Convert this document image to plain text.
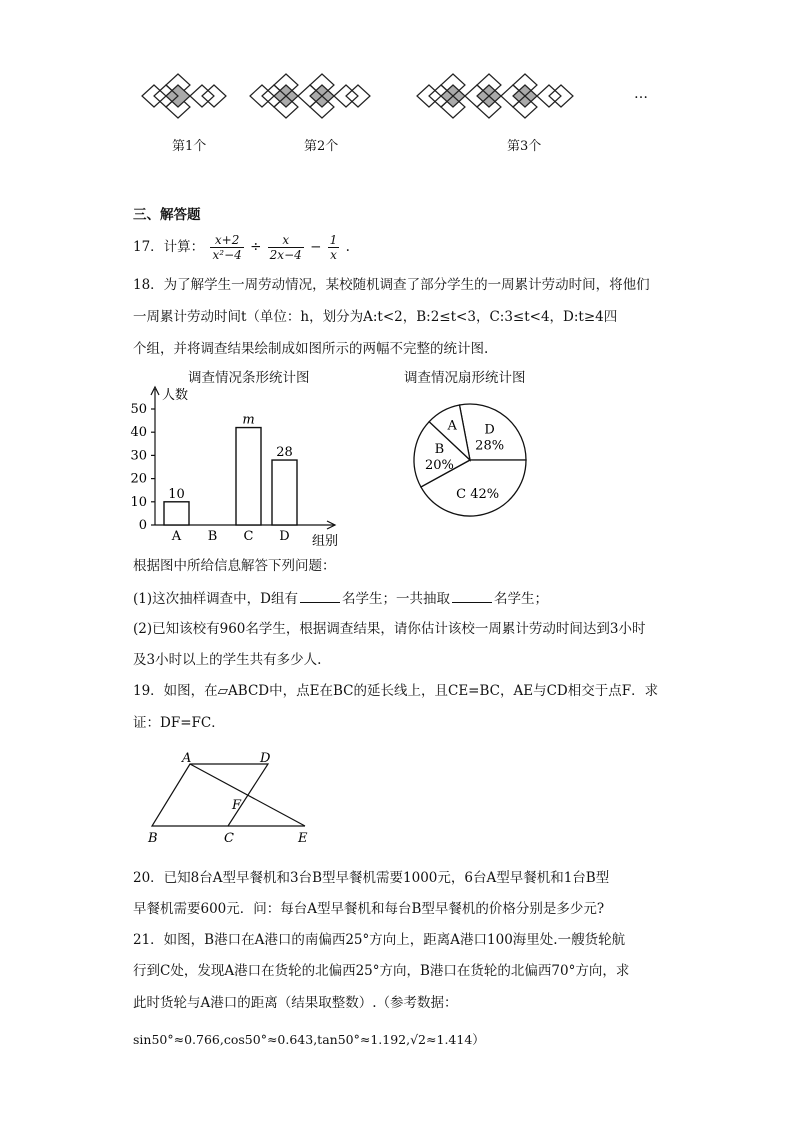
…
第1个	第2个	第3个
三、解答题
17．计算： $\frac{x+2}{\text{x²−4}} \div \frac{x}{2x-4} - \frac{1}{x}$ .
18．为了解学生一周劳动情况，某校随机调查了部分学生的一周累计劳动时间，将他们
一周累计劳动时间t（单位：h，划分为A:t<2，B:2≤t<3，C:3≤t<4，D:t≥4四
个组，并将调查结果绘制成如图所示的两幅不完整的统计图.
调查情况条形统计图	调查情况扇形统计图
0
10
20
30
40
50
10
m
28
A B C D
人数
组别
D
28%
C 42%
B
20%
A
根据图中所给信息解答下列问题：
(1)这次抽样调查中，D组有	名学生；一共抽取	名学生；
(2)已知该校有960名学生，根据调查结果，请你估计该校一周累计劳动时间达到3小时
及3小时以上的学生共有多少人.
19．如图，在▱ABCD中，点E在BC的延长线上，且CE=BC，AE与CD相交于点F．求
证：DF=FC．
A	D
F
B	C	E
20．已知8台A型早餐机和3台B型早餐机需要1000元，6台A型早餐机和1台B型
早餐机需要600元．问：每台A型早餐机和每台B型早餐机的价格分别是多少元?
21．如图，B港口在A港口的南偏西25°方向上，距离A港口100海里处.一艘货轮航
行到C处，发现A港口在货轮的北偏西25°方向，B港口在货轮的北偏西70°方向，求
此时货轮与A港口的距离（结果取整数）.（参考数据：
sin50°≈0.766,cos50°≈0.643,tan50°≈1.192,√2≈1.414）
